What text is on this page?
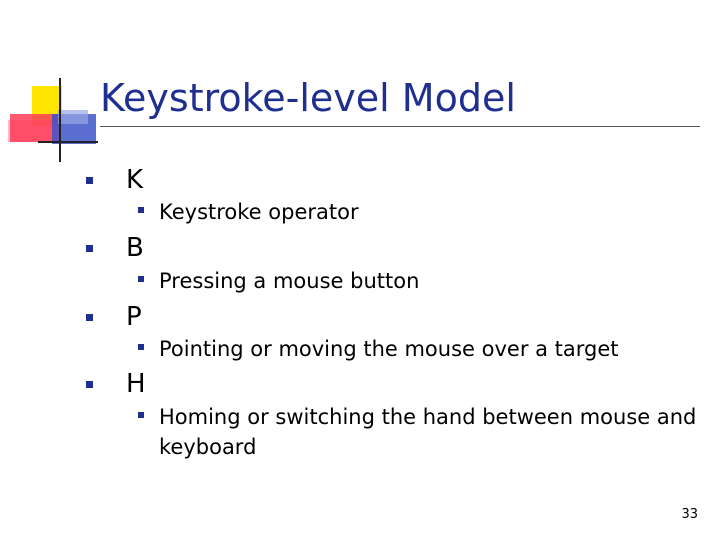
Keystroke-level Model
K
Keystroke operator
B
Pressing a mouse button
P
Pointing or moving the mouse over a target
H
Homing or switching the hand between mouse and keyboard
33
